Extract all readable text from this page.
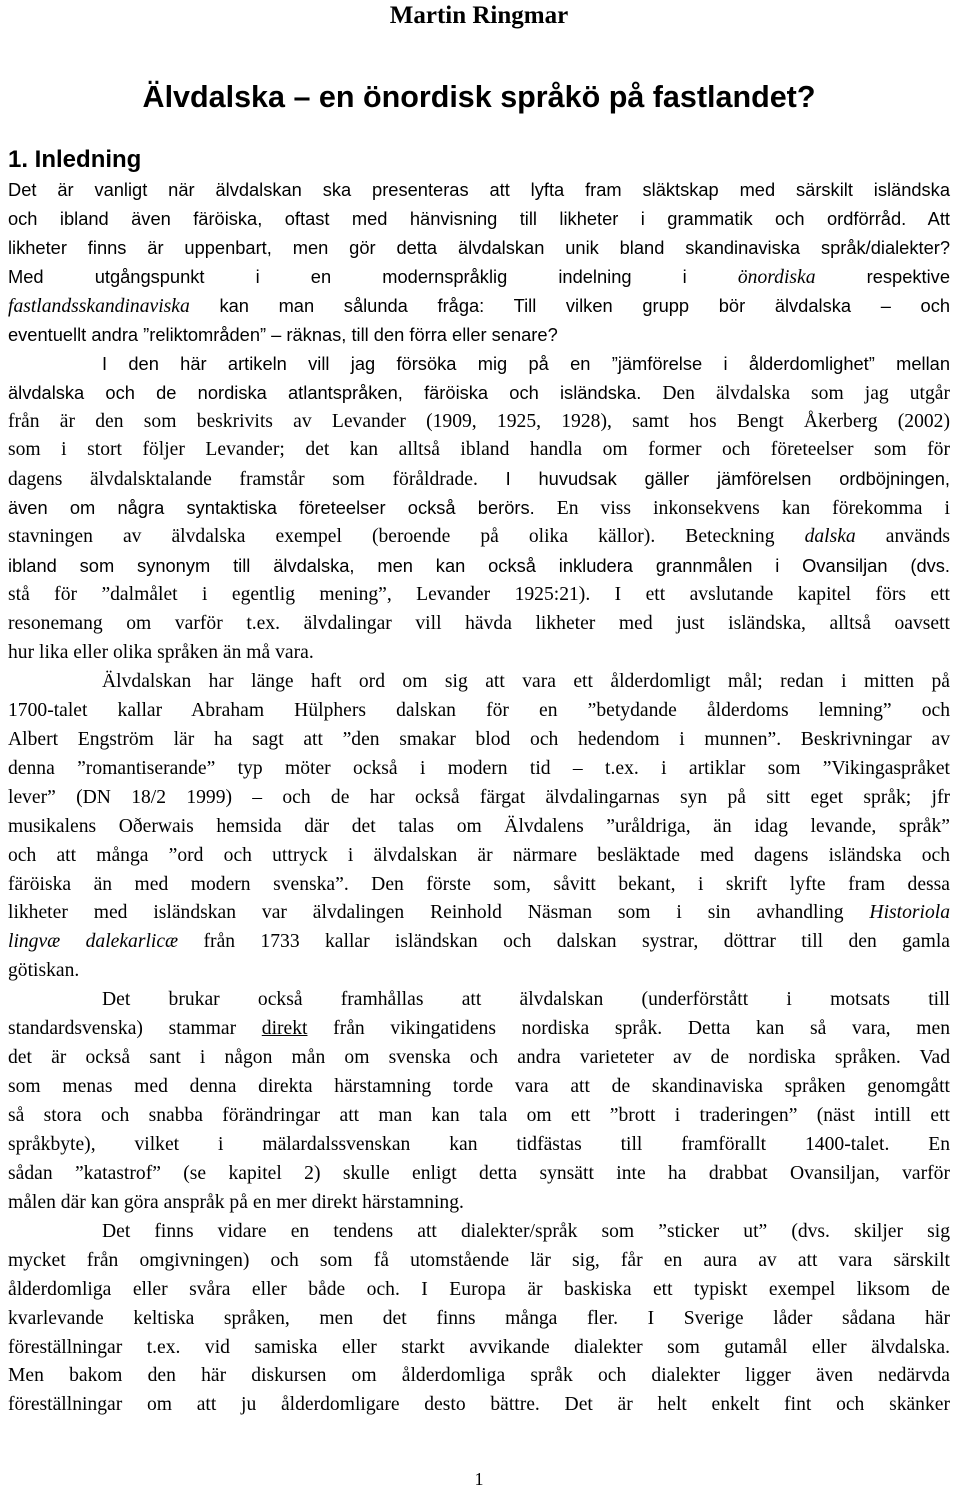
Martin Ringmar
Älvdalska – en önordisk språkö på fastlandet?
1. Inledning
Det är vanligt när älvdalskan ska presenteras att lyfta fram släktskap med särskilt isländska
och ibland även färöiska, oftast med hänvisning till likheter i grammatik och ordförråd. Att
likheter finns är uppenbart, men gör detta älvdalskan unik bland skandinaviska språk/dialekter?
Med utgångspunkt i en modernspråklig indelning i önordiska respektive
fastlandsskandinaviska kan man sålunda fråga: Till vilken grupp bör älvdalska – och
eventuellt andra ”reliktområden” – räknas, till den förra eller senare?
I den här artikeln vill jag försöka mig på en ”jämförelse i ålderdomlighet” mellan
älvdalska och de nordiska atlantspråken, färöiska och isländska. Den älvdalska som jag utgår
från är den som beskrivits av Levander (1909, 1925, 1928), samt hos Bengt Åkerberg (2002)
som i stort följer Levander; det kan alltså ibland handla om former och företeelser som för
dagens älvdalsktalande framstår som föråldrade. I huvudsak gäller jämförelsen ordböjningen,
även om några syntaktiska företeelser också berörs. En viss inkonsekvens kan förekomma i
stavningen av älvdalska exempel (beroende på olika källor). Beteckning dalska används
ibland som synonym till älvdalska, men kan också inkludera grannmålen i Ovansiljan (dvs.
stå för ”dalmålet i egentlig mening”, Levander 1925:21). I ett avslutande kapitel förs ett
resonemang om varför t.ex. älvdalingar vill hävda likheter med just isländska, alltså oavsett
hur lika eller olika språken än må vara.
Älvdalskan har länge haft ord om sig att vara ett ålderdomligt mål; redan i mitten på
1700-talet kallar Abraham Hülphers dalskan för en ”betydande ålderdoms lemning” och
Albert Engström lär ha sagt att ”den smakar blod och hedendom i munnen”. Beskrivningar av
denna ”romantiserande” typ möter också i modern tid – t.ex. i artiklar som ”Vikingaspråket
lever” (DN 18/2 1999) – och de har också färgat älvdalingarnas syn på sitt eget språk; jfr
musikalens Oðerwais hemsida där det talas om Älvdalens ”uråldriga, än idag levande, språk”
och att många ”ord och uttryck i älvdalskan är närmare besläktade med dagens isländska och
färöiska än med modern svenska”. Den förste som, såvitt bekant, i skrift lyfte fram dessa
likheter med isländskan var älvdalingen Reinhold Näsman som i sin avhandling Historiola
lingvæ dalekarlicæ från 1733 kallar isländskan och dalskan systrar, döttrar till den gamla
götiskan.
Det brukar också framhållas att älvdalskan (underförstått i motsats till
standardsvenska) stammar direkt från vikingatidens nordiska språk. Detta kan så vara, men
det är också sant i någon mån om svenska och andra varieteter av de nordiska språken. Vad
som menas med denna direkta härstamning torde vara att de skandinaviska språken genomgått
så stora och snabba förändringar att man kan tala om ett ”brott i traderingen” (näst intill ett
språkbyte), vilket i mälardalssvenskan kan tidfästas till framförallt 1400-talet. En
sådan ”katastrof” (se kapitel 2) skulle enligt detta synsätt inte ha drabbat Ovansiljan, varför
målen där kan göra anspråk på en mer direkt härstamning.
Det finns vidare en tendens att dialekter/språk som ”sticker ut” (dvs. skiljer sig
mycket från omgivningen) och som få utomstående lär sig, får en aura av att vara särskilt
ålderdomliga eller svåra eller både och. I Europa är baskiska ett typiskt exempel liksom de
kvarlevande keltiska språken, men det finns många fler. I Sverige låder sådana här
föreställningar t.ex. vid samiska eller starkt avvikande dialekter som gutamål eller älvdalska.
Men bakom den här diskursen om ålderdomliga språk och dialekter ligger även nedärvda
föreställningar om att ju ålderdomligare desto bättre. Det är helt enkelt fint och skänker
1
